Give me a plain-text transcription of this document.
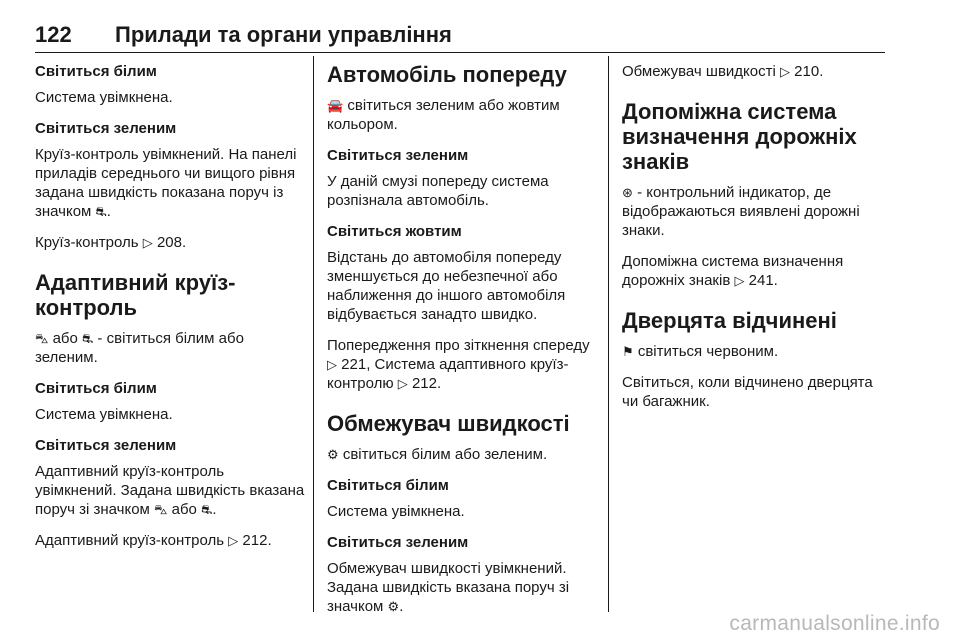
122 Прилади та органи управління
Світиться білим

Система увімкнена.

Світиться зеленим

Круїз-контроль увімкнений. На панелі приладів середнього чи вищого рівня задана швидкість показана поруч із значком ⛐.

Круїз-контроль ▷ 208.

Адаптивний круїз-контроль

⛍ або ⛐ - світиться білим або зеленим.

Світиться білим

Система увімкнена.

Світиться зеленим

Адаптивний круїз-контроль увімкнений. Задана швидкість вказана поруч зі значком ⛍ або ⛐.

Адаптивний круїз-контроль ▷ 212.

Автомобіль попереду

🚘 світиться зеленим або жовтим кольором.

Світиться зеленим

У даній смузі попереду система розпізнала автомобіль.

Світиться жовтим

Відстань до автомобіля попереду зменшується до небезпечної або наближення до іншого автомобіля відбувається занадто швидко.

Попередження про зіткнення спереду ▷ 221, Система адаптивного круїз-контролю ▷ 212.

Обмежувач швидкості

⚙ світиться білим або зеленим.

Світиться білим

Система увімкнена.

Світиться зеленим

Обмежувач швидкості увімкнений. Задана швидкість вказана поруч зі значком ⚙.

Обмежувач швидкості ▷ 210.

Допоміжна система визначення дорожніх знаків

⊛ - контрольний індикатор, де відображаються виявлені дорожні знаки.

Допоміжна система визначення дорожніх знаків ▷ 241.

Дверцята відчинені

⚑ світиться червоним.

Світиться, коли відчинено дверцята чи багажник.

carmanualsonline.info
